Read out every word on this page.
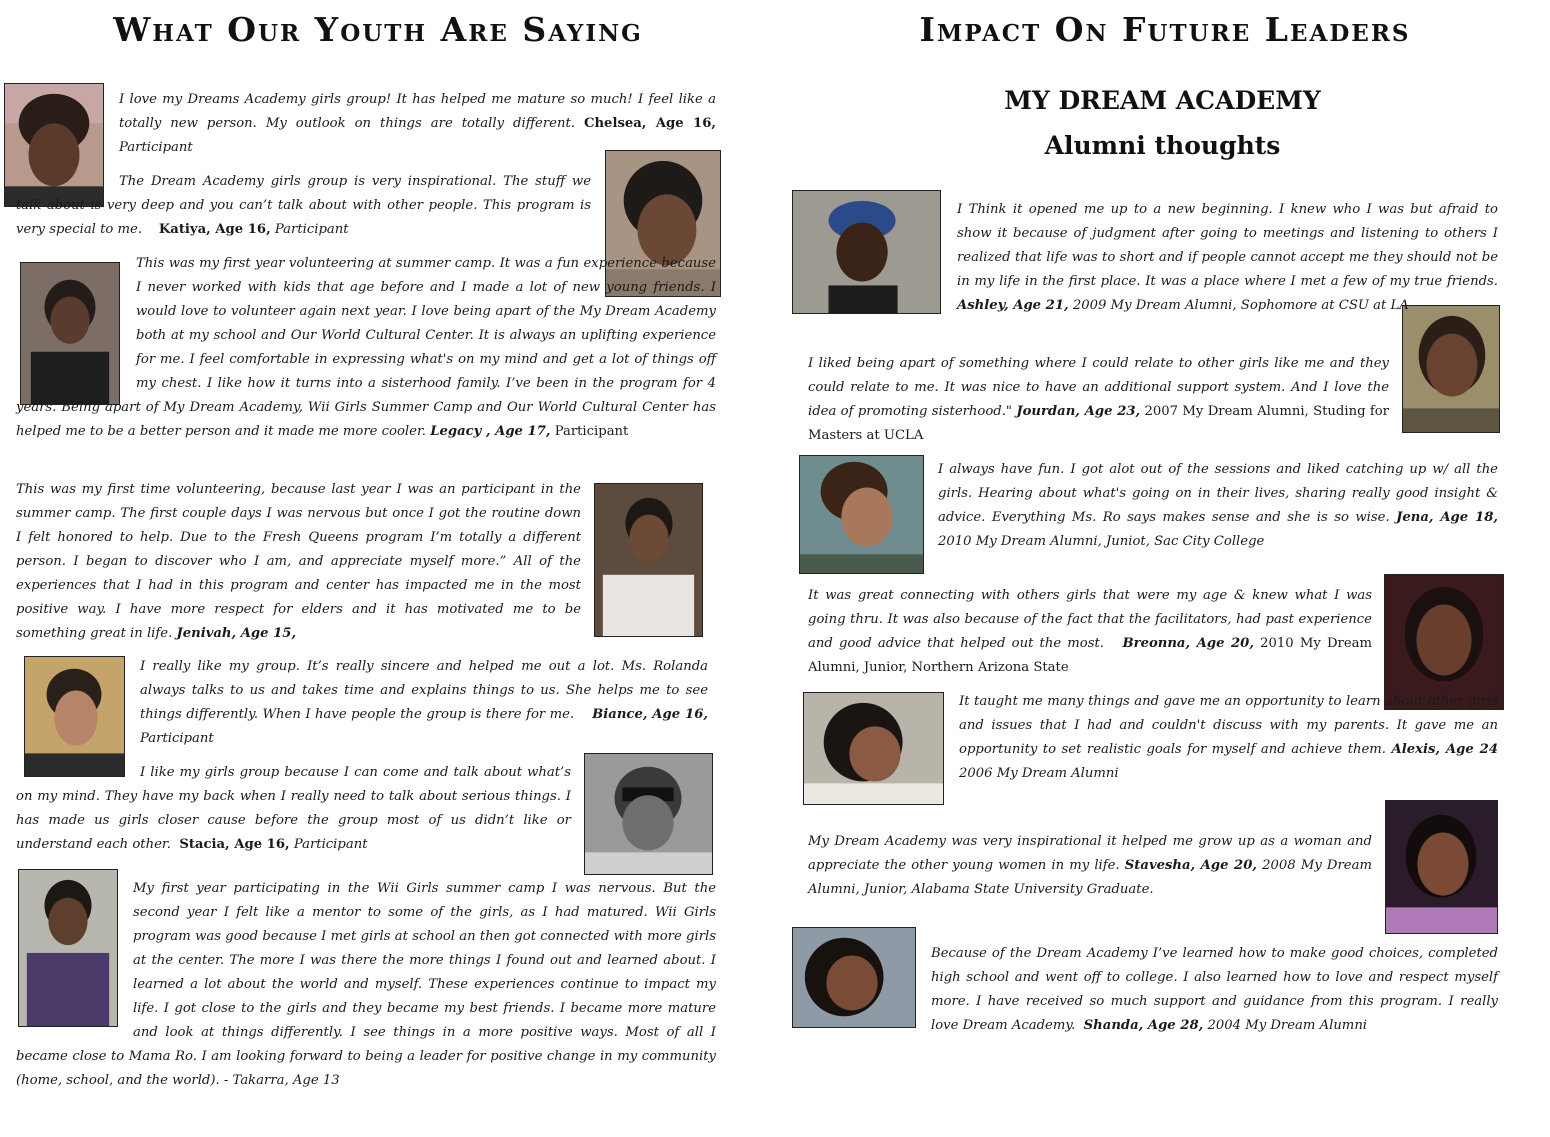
What Our Youth Are Saying

I love my Dreams Academy girls group! It has helped me mature so much! I feel like a totally new person. My outlook on things are totally different. Chelsea, Age 16, Participant

The Dream Academy girls group is very inspirational. The stuff we talk about is very deep and you can’t talk about with other people. This program is very special to me. Katiya, Age 16, Participant

This was my first year volunteering at summer camp. It was a fun experience because I never worked with kids that age before and I made a lot of new young friends. I would love to volunteer again next year. I love being apart of the My Dream Academy both at my school and Our World Cultural Center. It is always an uplifting experience for me. I feel comfortable in expressing what's on my mind and get a lot of things off my chest. I like how it turns into a sisterhood family. I’ve been in the program for 4 years. Being apart of My Dream Academy, Wii Girls Summer Camp and Our World Cultural Center has helped me to be a better person and it made me more cooler. Legacy , Age 17, Participant

This was my first time volunteering, because last year I was an participant in the summer camp. The first couple days I was nervous but once I got the routine down I felt honored to help. Due to the Fresh Queens program I’m totally a different person. I began to discover who I am, and appreciate myself more.” All of the experiences that I had in this program and center has impacted me in the most positive way. I have more respect for elders and it has motivated me to be something great in life. Jenivah, Age 15,

I really like my group. It’s really sincere and helped me out a lot. Ms. Rolanda always talks to us and takes time and explains things to us. She helps me to see things differently. When I have people the group is there for me. Biance, Age 16, Participant

I like my girls group because I can come and talk about what’s on my mind. They have my back when I really need to talk about serious things. I has made us girls closer cause before the group most of us didn’t like or understand each other. Stacia, Age 16, Participant

My first year participating in the Wii Girls summer camp I was nervous. But the second year I felt like a mentor to some of the girls, as I had matured. Wii Girls program was good because I met girls at school an then got connected with more girls at the center. The more I was there the more things I found out and learned about. I learned a lot about the world and myself. These experiences continue to impact my life. I got close to the girls and they became my best friends. I became more mature and look at things differently. I see things in a more positive ways. Most of all I became close to Mama Ro. I am looking forward to being a leader for positive change in my community (home, school, and the world). - Takarra, Age 13

Impact On Future Leaders
MY DREAM ACADEMY
Alumni thoughts

I Think it opened me up to a new beginning. I knew who I was but afraid to show it because of judgment after going to meetings and listening to others I realized that life was to short and if people cannot accept me they should not be in my life in the first place. It was a place where I met a few of my true friends. Ashley, Age 21, 2009 My Dream Alumni, Sophomore at CSU at LA

I liked being apart of something where I could relate to other girls like me and they could relate to me. It was nice to have an additional support system. And I love the idea of promoting sisterhood." Jourdan, Age 23, 2007 My Dream Alumni, Studing for Masters at UCLA

I always have fun. I got alot out of the sessions and liked catching up w/ all the girls. Hearing about what's going on in their lives, sharing really good insight & advice. Everything Ms. Ro says makes sense and she is so wise. Jena, Age 18, 2010 My Dream Alumni, Juniot, Sac City College

It was great connecting with others girls that were my age & knew what I was going thru. It was also because of the fact that the facilitators, had past experience and good advice that helped out the most. Breonna, Age 20, 2010 My Dream Alumni, Junior, Northern Arizona State

It taught me many things and gave me an opportunity to learn about other girls and issues that I had and couldn't discuss with my parents. It gave me an opportunity to set realistic goals for myself and achieve them. Alexis, Age 24 2006 My Dream Alumni

My Dream Academy was very inspirational it helped me grow up as a woman and appreciate the other young women in my life. Stavesha, Age 20, 2008 My Dream Alumni, Junior, Alabama State University Graduate.

Because of the Dream Academy I’ve learned how to make good choices, completed high school and went off to college. I also learned how to love and respect myself more. I have received so much support and guidance from this program. I really love Dream Academy. Shanda, Age 28, 2004 My Dream Alumni
